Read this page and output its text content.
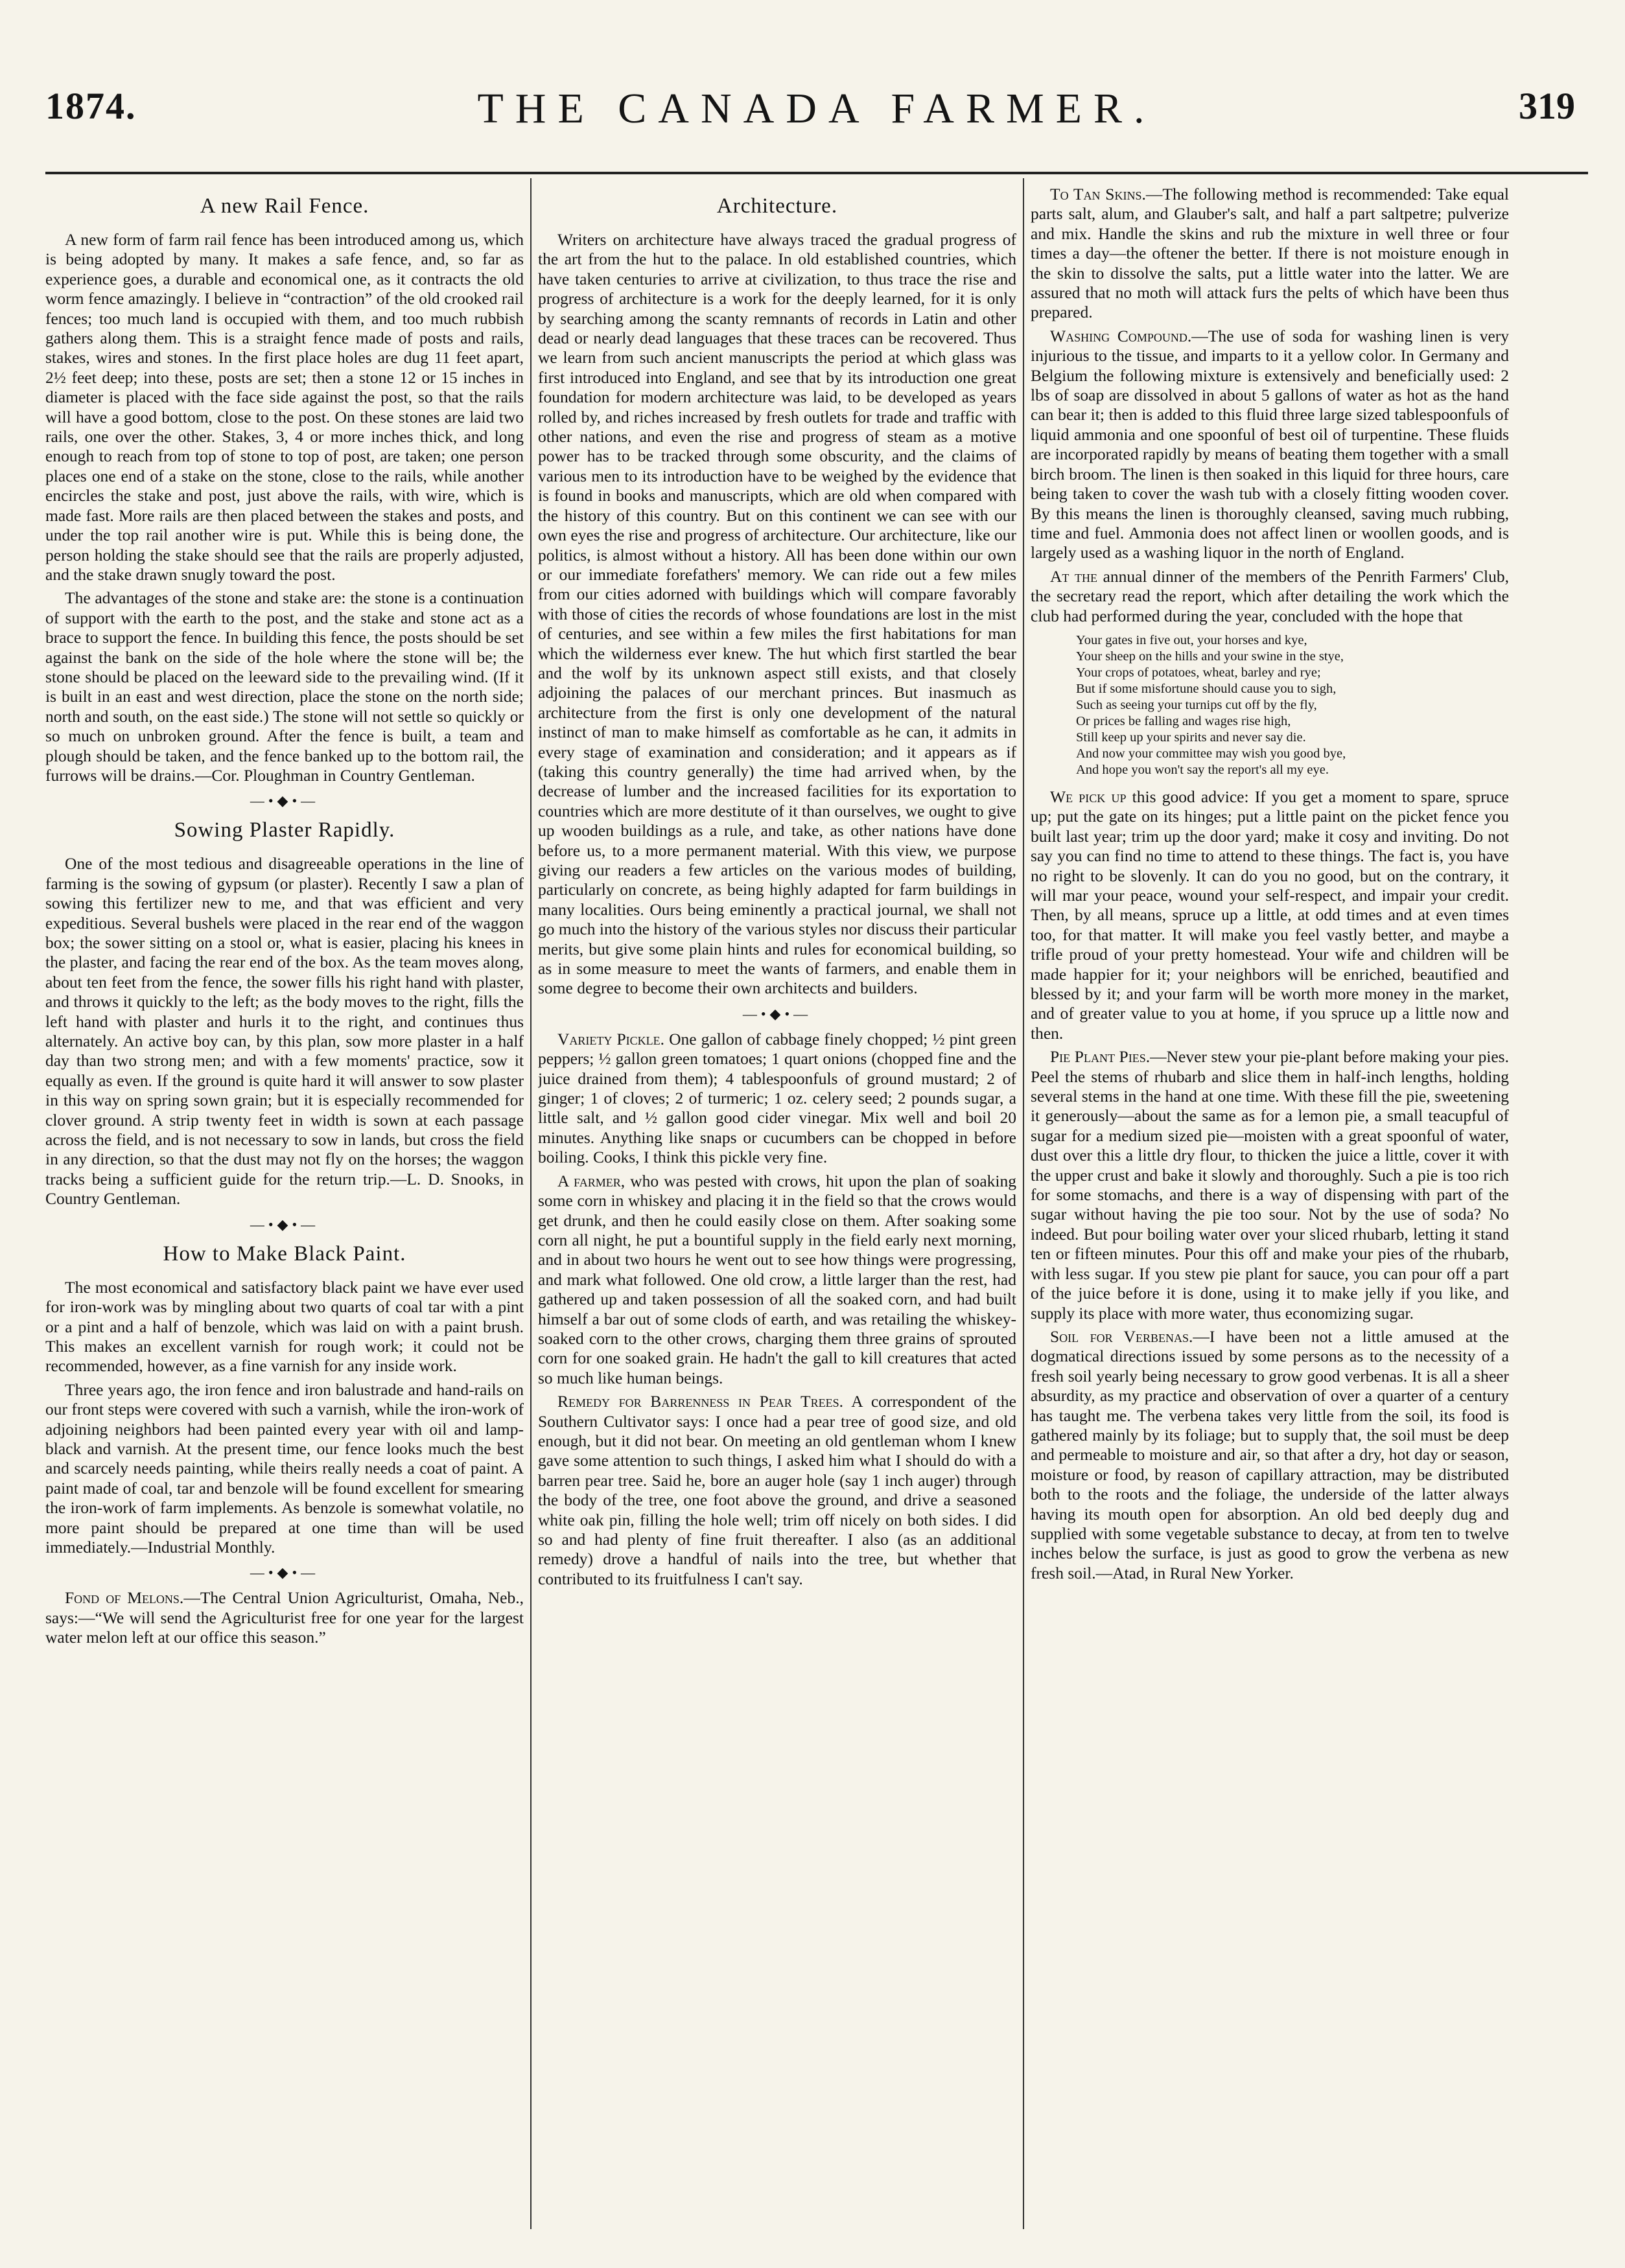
1874.	THE CANADA FARMER.	319
A new Rail Fence.

A new form of farm rail fence has been introduced among us, which is being adopted by many. It makes a safe fence, and, so far as experience goes, a durable and economical one, as it contracts the old worm fence amazingly. I believe in “contraction” of the old crooked rail fences; too much land is occupied with them, and too much rubbish gathers along them. This is a straight fence made of posts and rails, stakes, wires and stones. In the first place holes are dug 11 feet apart, 2½ feet deep; into these, posts are set; then a stone 12 or 15 inches in diameter is placed with the face side against the post, so that the rails will have a good bottom, close to the post. On these stones are laid two rails, one over the other. Stakes, 3, 4 or more inches thick, and long enough to reach from top of stone to top of post, are taken; one person places one end of a stake on the stone, close to the rails, while another encircles the stake and post, just above the rails, with wire, which is made fast. More rails are then placed between the stakes and posts, and under the top rail another wire is put. While this is being done, the person holding the stake should see that the rails are properly adjusted, and the stake drawn snugly toward the post.

The advantages of the stone and stake are: the stone is a continuation of support with the earth to the post, and the stake and stone act as a brace to support the fence. In building this fence, the posts should be set against the bank on the side of the hole where the stone will be; the stone should be placed on the leeward side to the prevailing wind. (If it is built in an east and west direction, place the stone on the north side; north and south, on the east side.) The stone will not settle so quickly or so much on unbroken ground. After the fence is built, a team and plough should be taken, and the fence banked up to the bottom rail, the furrows will be drains.—Cor. Ploughman in Country Gentleman.

—•◆•—
Sowing Plaster Rapidly.

One of the most tedious and disagreeable operations in the line of farming is the sowing of gypsum (or plaster). Recently I saw a plan of sowing this fertilizer new to me, and that was efficient and very expeditious. Several bushels were placed in the rear end of the waggon box; the sower sitting on a stool or, what is easier, placing his knees in the plaster, and facing the rear end of the box. As the team moves along, about ten feet from the fence, the sower fills his right hand with plaster, and throws it quickly to the left; as the body moves to the right, fills the left hand with plaster and hurls it to the right, and continues thus alternately. An active boy can, by this plan, sow more plaster in a half day than two strong men; and with a few moments' practice, sow it equally as even. If the ground is quite hard it will answer to sow plaster in this way on spring sown grain; but it is especially recommended for clover ground. A strip twenty feet in width is sown at each passage across the field, and is not necessary to sow in lands, but cross the field in any direction, so that the dust may not fly on the horses; the waggon tracks being a sufficient guide for the return trip.—L. D. Snooks, in Country Gentleman.

—•◆•—
How to Make Black Paint.

The most economical and satisfactory black paint we have ever used for iron-work was by mingling about two quarts of coal tar with a pint or a pint and a half of benzole, which was laid on with a paint brush. This makes an excellent varnish for rough work; it could not be recommended, however, as a fine varnish for any inside work.

Three years ago, the iron fence and iron balustrade and hand-rails on our front steps were covered with such a varnish, while the iron-work of adjoining neighbors had been painted every year with oil and lamp-black and varnish. At the present time, our fence looks much the best and scarcely needs painting, while theirs really needs a coat of paint. A paint made of coal, tar and benzole will be found excellent for smearing the iron-work of farm implements. As benzole is somewhat volatile, no more paint should be prepared at one time than will be used immediately.—Industrial Monthly.

—•◆•—

Fond of Melons.—The Central Union Agriculturist, Omaha, Neb., says:—“We will send the Agriculturist free for one year for the largest water melon left at our office this season.”

Architecture.

Writers on architecture have always traced the gradual progress of the art from the hut to the palace. In old established countries, which have taken centuries to arrive at civilization, to thus trace the rise and progress of architecture is a work for the deeply learned, for it is only by searching among the scanty remnants of records in Latin and other dead or nearly dead languages that these traces can be recovered. Thus we learn from such ancient manuscripts the period at which glass was first introduced into England, and see that by its introduction one great foundation for modern architecture was laid, to be developed as years rolled by, and riches increased by fresh outlets for trade and traffic with other nations, and even the rise and progress of steam as a motive power has to be tracked through some obscurity, and the claims of various men to its introduction have to be weighed by the evidence that is found in books and manuscripts, which are old when compared with the history of this country. But on this continent we can see with our own eyes the rise and progress of architecture. Our architecture, like our politics, is almost without a history. All has been done within our own or our immediate forefathers' memory. We can ride out a few miles from our cities adorned with buildings which will compare favorably with those of cities the records of whose foundations are lost in the mist of centuries, and see within a few miles the first habitations for man which the wilderness ever knew. The hut which first startled the bear and the wolf by its unknown aspect still exists, and that closely adjoining the palaces of our merchant princes. But inasmuch as architecture from the first is only one development of the natural instinct of man to make himself as comfortable as he can, it admits in every stage of examination and consideration; and it appears as if (taking this country generally) the time had arrived when, by the decrease of lumber and the increased facilities for its exportation to countries which are more destitute of it than ourselves, we ought to give up wooden buildings as a rule, and take, as other nations have done before us, to a more permanent material. With this view, we purpose giving our readers a few articles on the various modes of building, particularly on concrete, as being highly adapted for farm buildings in many localities. Ours being eminently a practical journal, we shall not go much into the history of the various styles nor discuss their particular merits, but give some plain hints and rules for economical building, so as in some measure to meet the wants of farmers, and enable them in some degree to become their own architects and builders.

—•◆•—

Variety Pickle. One gallon of cabbage finely chopped; ½ pint green peppers; ½ gallon green tomatoes; 1 quart onions (chopped fine and the juice drained from them); 4 tablespoonfuls of ground mustard; 2 of ginger; 1 of cloves; 2 of turmeric; 1 oz. celery seed; 2 pounds sugar, a little salt, and ½ gallon good cider vinegar. Mix well and boil 20 minutes. Anything like snaps or cucumbers can be chopped in before boiling. Cooks, I think this pickle very fine.

A farmer, who was pested with crows, hit upon the plan of soaking some corn in whiskey and placing it in the field so that the crows would get drunk, and then he could easily close on them. After soaking some corn all night, he put a bountiful supply in the field early next morning, and in about two hours he went out to see how things were progressing, and mark what followed. One old crow, a little larger than the rest, had gathered up and taken possession of all the soaked corn, and had built himself a bar out of some clods of earth, and was retailing the whiskey-soaked corn to the other crows, charging them three grains of sprouted corn for one soaked grain. He hadn't the gall to kill creatures that acted so much like human beings.

Remedy for Barrenness in Pear Trees. A correspondent of the Southern Cultivator says: I once had a pear tree of good size, and old enough, but it did not bear. On meeting an old gentleman whom I knew gave some attention to such things, I asked him what I should do with a barren pear tree. Said he, bore an auger hole (say 1 inch auger) through the body of the tree, one foot above the ground, and drive a seasoned white oak pin, filling the hole well; trim off nicely on both sides. I did so and had plenty of fine fruit thereafter. I also (as an additional remedy) drove a handful of nails into the tree, but whether that contributed to its fruitfulness I can't say.

To Tan Skins.—The following method is recommended: Take equal parts salt, alum, and Glauber's salt, and half a part saltpetre; pulverize and mix. Handle the skins and rub the mixture in well three or four times a day—the oftener the better. If there is not moisture enough in the skin to dissolve the salts, put a little water into the latter. We are assured that no moth will attack furs the pelts of which have been thus prepared.

Washing Compound.—The use of soda for washing linen is very injurious to the tissue, and imparts to it a yellow color. In Germany and Belgium the following mixture is extensively and beneficially used: 2 lbs of soap are dissolved in about 5 gallons of water as hot as the hand can bear it; then is added to this fluid three large sized tablespoonfuls of liquid ammonia and one spoonful of best oil of turpentine. These fluids are incorporated rapidly by means of beating them together with a small birch broom. The linen is then soaked in this liquid for three hours, care being taken to cover the wash tub with a closely fitting wooden cover. By this means the linen is thoroughly cleansed, saving much rubbing, time and fuel. Ammonia does not affect linen or woollen goods, and is largely used as a washing liquor in the north of England.

At the annual dinner of the members of the Penrith Farmers' Club, the secretary read the report, which after detailing the work which the club had performed during the year, concluded with the hope that

Your gates in five out, your horses and kye,
Your sheep on the hills and your swine in the stye,
Your crops of potatoes, wheat, barley and rye;
But if some misfortune should cause you to sigh,
Such as seeing your turnips cut off by the fly,
Or prices be falling and wages rise high,
Still keep up your spirits and never say die.
And now your committee may wish you good bye,
And hope you won't say the report's all my eye.

We pick up this good advice: If you get a moment to spare, spruce up; put the gate on its hinges; put a little paint on the picket fence you built last year; trim up the door yard; make it cosy and inviting. Do not say you can find no time to attend to these things. The fact is, you have no right to be slovenly. It can do you no good, but on the contrary, it will mar your peace, wound your self-respect, and impair your credit. Then, by all means, spruce up a little, at odd times and at even times too, for that matter. It will make you feel vastly better, and maybe a trifle proud of your pretty homestead. Your wife and children will be made happier for it; your neighbors will be enriched, beautified and blessed by it; and your farm will be worth more money in the market, and of greater value to you at home, if you spruce up a little now and then.

Pie Plant Pies.—Never stew your pie-plant before making your pies. Peel the stems of rhubarb and slice them in half-inch lengths, holding several stems in the hand at one time. With these fill the pie, sweetening it generously—about the same as for a lemon pie, a small teacupful of sugar for a medium sized pie—moisten with a great spoonful of water, dust over this a little dry flour, to thicken the juice a little, cover it with the upper crust and bake it slowly and thoroughly. Such a pie is too rich for some stomachs, and there is a way of dispensing with part of the sugar without having the pie too sour. Not by the use of soda? No indeed. But pour boiling water over your sliced rhubarb, letting it stand ten or fifteen minutes. Pour this off and make your pies of the rhubarb, with less sugar. If you stew pie plant for sauce, you can pour off a part of the juice before it is done, using it to make jelly if you like, and supply its place with more water, thus economizing sugar.

Soil for Verbenas.—I have been not a little amused at the dogmatical directions issued by some persons as to the necessity of a fresh soil yearly being necessary to grow good verbenas. It is all a sheer absurdity, as my practice and observation of over a quarter of a century has taught me. The verbena takes very little from the soil, its food is gathered mainly by its foliage; but to supply that, the soil must be deep and permeable to moisture and air, so that after a dry, hot day or season, moisture or food, by reason of capillary attraction, may be distributed both to the roots and the foliage, the underside of the latter always having its mouth open for absorption. An old bed deeply dug and supplied with some vegetable substance to decay, at from ten to twelve inches below the surface, is just as good to grow the verbena as new fresh soil.—Atad, in Rural New Yorker.
